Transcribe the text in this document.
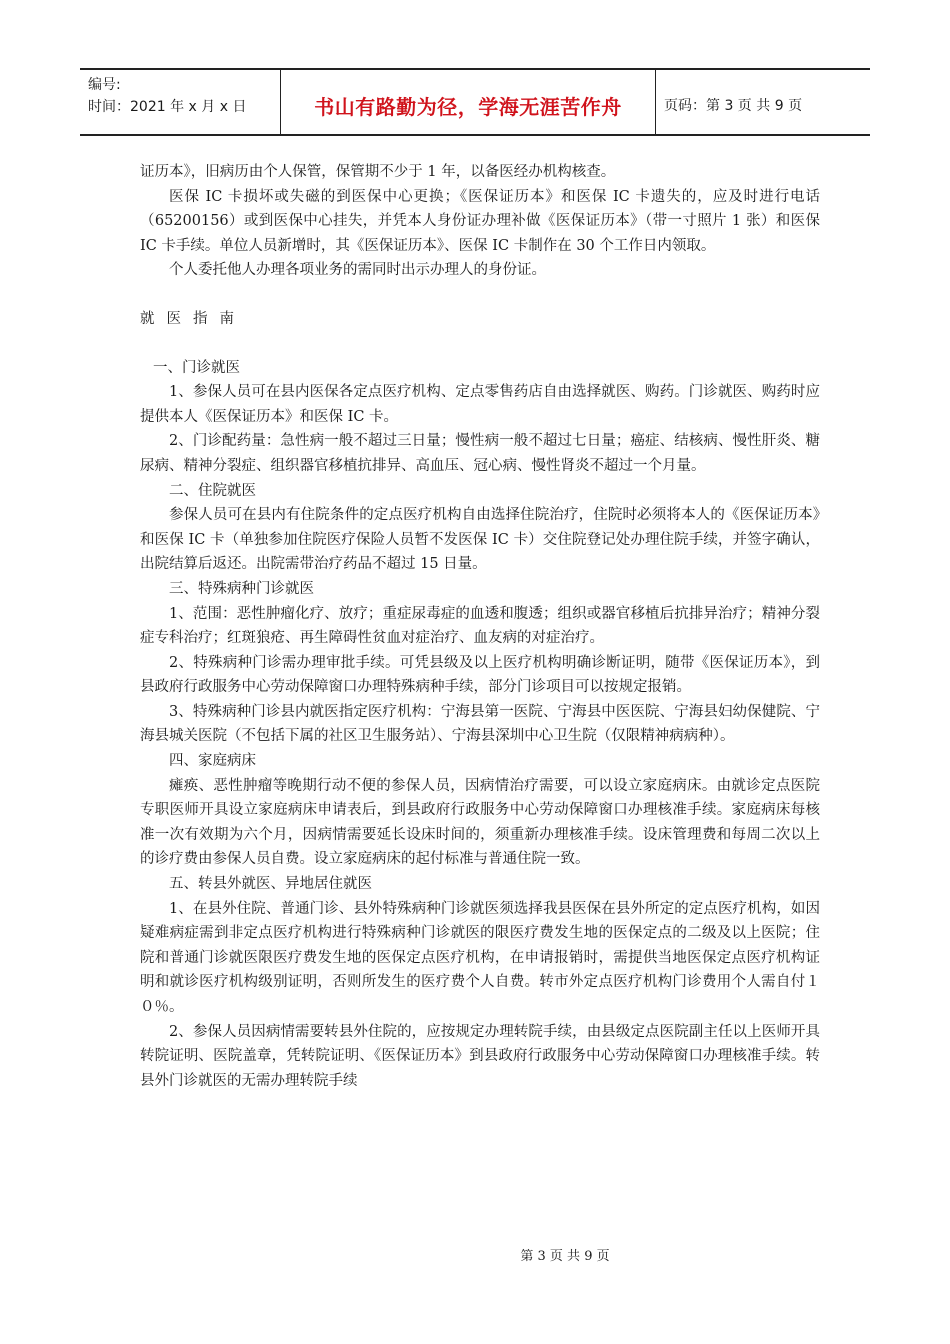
编号:
时间：2021 年 x 月 x 日	书山有路勤为径，学海无涯苦作舟	页码：第 3 页 共 9 页

证历本》，旧病历由个人保管，保管期不少于 1 年，以备医经办机构核查。

医保 IC 卡损坏或失磁的到医保中心更换；《医保证历本》和医保 IC 卡遗失的，应及时进行电话（65200156）或到医保中心挂失，并凭本人身份证办理补做《医保证历本》（带一寸照片 1 张）和医保 IC 卡手续。单位人员新增时，其《医保证历本》、医保 IC 卡制作在 30 个工作日内领取。

个人委托他人办理各项业务的需同时出示办理人的身份证。

就医指南

一、门诊就医

1、参保人员可在县内医保各定点医疗机构、定点零售药店自由选择就医、购药。门诊就医、购药时应提供本人《医保证历本》和医保 IC 卡。

2、门诊配药量：急性病一般不超过三日量；慢性病一般不超过七日量；癌症、结核病、慢性肝炎、糖尿病、精神分裂症、组织器官移植抗排异、高血压、冠心病、慢性肾炎不超过一个月量。

二、住院就医

参保人员可在县内有住院条件的定点医疗机构自由选择住院治疗，住院时必须将本人的《医保证历本》和医保 IC 卡（单独参加住院医疗保险人员暂不发医保 IC 卡）交住院登记处办理住院手续，并签字确认，出院结算后返还。出院需带治疗药品不超过 15 日量。

三、特殊病种门诊就医

1、范围：恶性肿瘤化疗、放疗；重症尿毒症的血透和腹透；组织或器官移植后抗排异治疗；精神分裂症专科治疗；红斑狼疮、再生障碍性贫血对症治疗、血友病的对症治疗。

2、特殊病种门诊需办理审批手续。可凭县级及以上医疗机构明确诊断证明，随带《医保证历本》，到县政府行政服务中心劳动保障窗口办理特殊病种手续，部分门诊项目可以按规定报销。

3、特殊病种门诊县内就医指定医疗机构：宁海县第一医院、宁海县中医医院、宁海县妇幼保健院、宁海县城关医院（不包括下属的社区卫生服务站）、宁海县深圳中心卫生院（仅限精神病病种）。

四、家庭病床

瘫痪、恶性肿瘤等晚期行动不便的参保人员，因病情治疗需要，可以设立家庭病床。由就诊定点医院专职医师开具设立家庭病床申请表后，到县政府行政服务中心劳动保障窗口办理核准手续。家庭病床每核准一次有效期为六个月，因病情需要延长设床时间的，须重新办理核准手续。设床管理费和每周二次以上的诊疗费由参保人员自费。设立家庭病床的起付标准与普通住院一致。

五、转县外就医、异地居住就医

1、在县外住院、普通门诊、县外特殊病种门诊就医须选择我县医保在县外所定的定点医疗机构，如因疑难病症需到非定点医疗机构进行特殊病种门诊就医的限医疗费发生地的医保定点的二级及以上医院；住院和普通门诊就医限医疗费发生地的医保定点医疗机构，在申请报销时，需提供当地医保定点医疗机构证明和就诊医疗机构级别证明，否则所发生的医疗费个人自费。转市外定点医疗机构门诊费用个人需自付１０％。

2、参保人员因病情需要转县外住院的，应按规定办理转院手续，由县级定点医院副主任以上医师开具转院证明、医院盖章，凭转院证明、《医保证历本》到县政府行政服务中心劳动保障窗口办理核准手续。转县外门诊就医的无需办理转院手续

第 3 页 共 9 页
